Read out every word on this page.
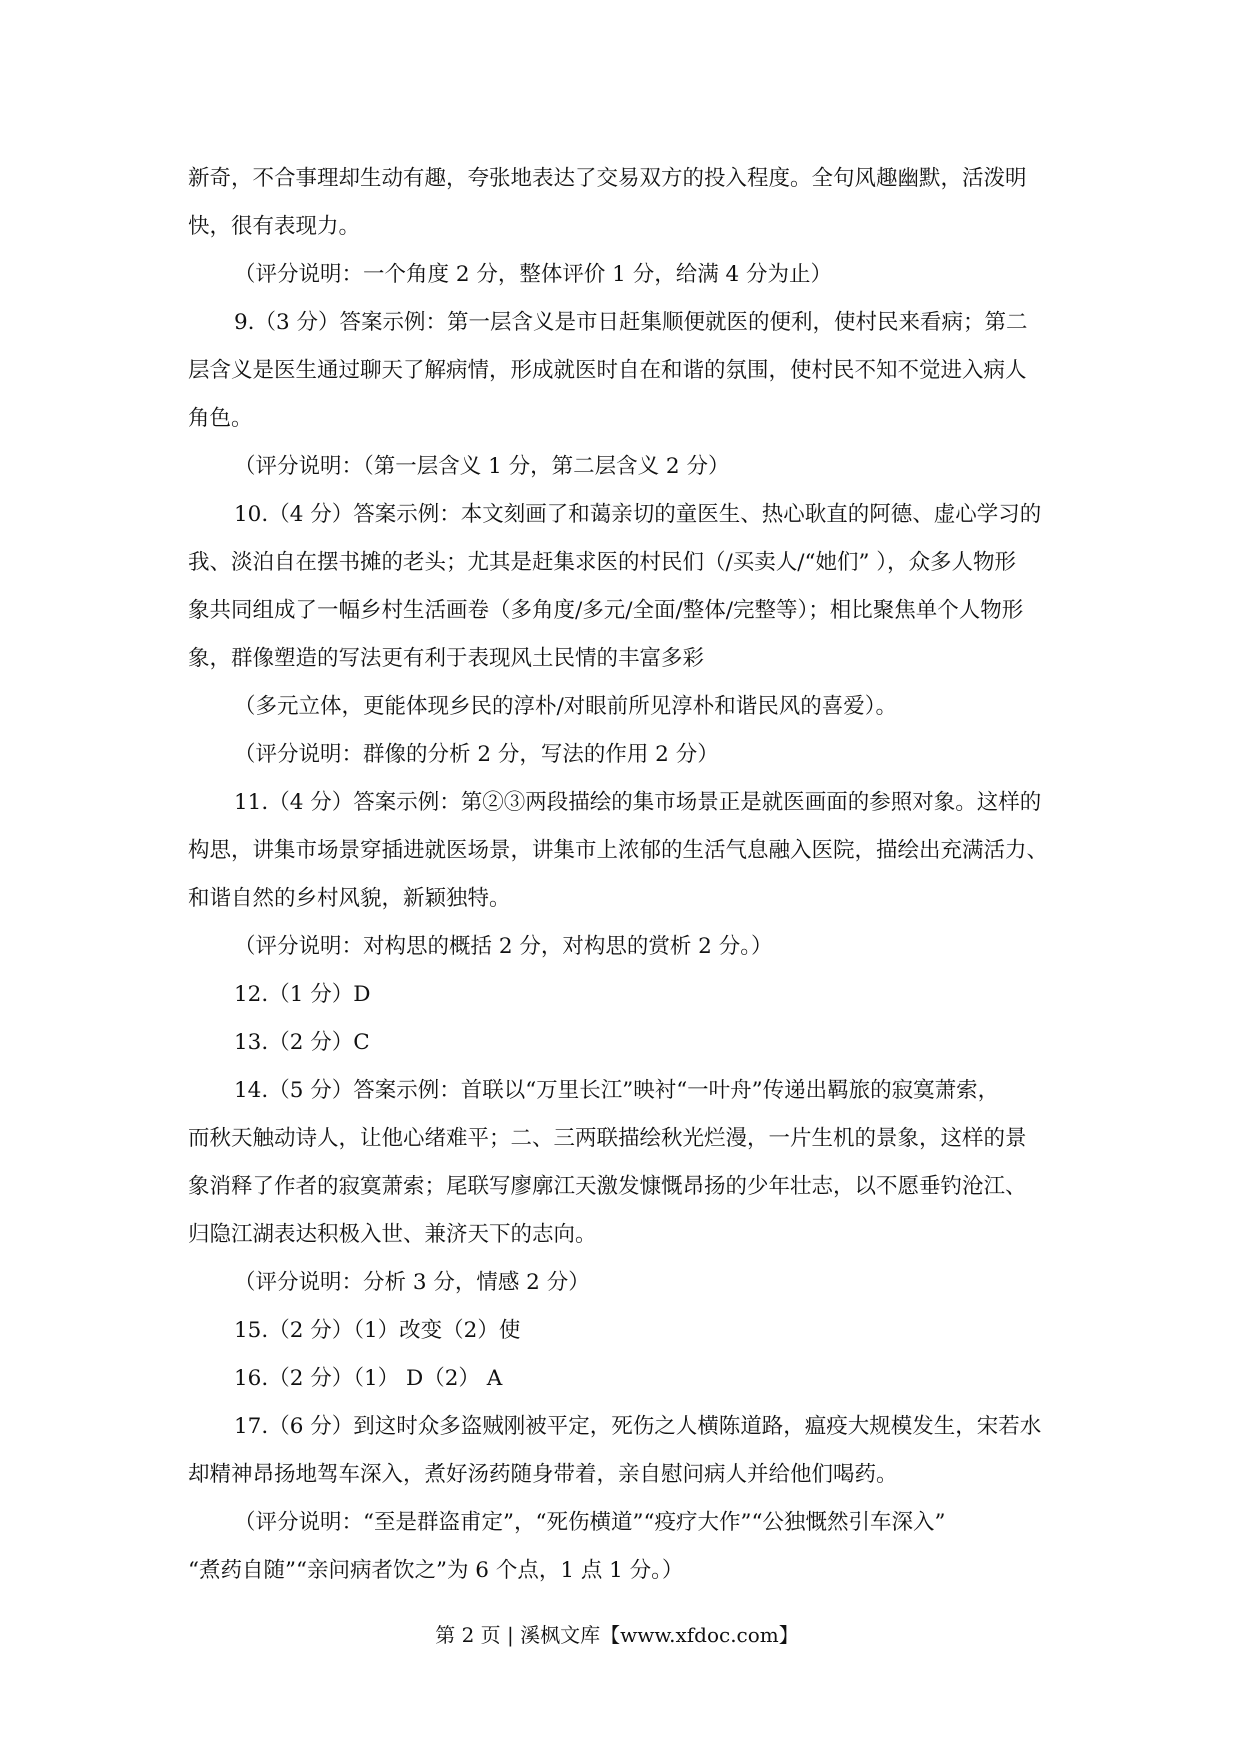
新奇，不合事理却生动有趣，夸张地表达了交易双方的投入程度。全句风趣幽默，活泼明
快，很有表现力。
（评分说明：一个角度 2 分，整体评价 1 分，给满 4 分为止）
9.（3 分）答案示例：第一层含义是市日赶集顺便就医的便利，使村民来看病；第二
层含义是医生通过聊天了解病情，形成就医时自在和谐的氛围，使村民不知不觉进入病人
角色。
（评分说明：（第一层含义 1 分，第二层含义 2 分）
10.（4 分）答案示例：本文刻画了和蔼亲切的童医生、热心耿直的阿德、虚心学习的
我、淡泊自在摆书摊的老头；尤其是赶集求医的村民们（/买卖人/“她们” ），众多人物形
象共同组成了一幅乡村生活画卷（多角度/多元/全面/整体/完整等）；相比聚焦单个人物形
象，群像塑造的写法更有利于表现风土民情的丰富多彩
（多元立体，更能体现乡民的淳朴/对眼前所见淳朴和谐民风的喜爱）。
（评分说明：群像的分析 2 分，写法的作用 2 分）
11.（4 分）答案示例：第②③两段描绘的集市场景正是就医画面的参照对象。这样的
构思，讲集市场景穿插进就医场景，讲集市上浓郁的生活气息融入医院，描绘出充满活力、
和谐自然的乡村风貌，新颖独特。
（评分说明：对构思的概括 2 分，对构思的赏析 2 分。）
12.（1 分）D
13.（2 分）C
14.（5 分）答案示例：首联以“万里长江”映衬“一叶舟”传递出羁旅的寂寞萧索，
而秋天触动诗人，让他心绪难平；二、三两联描绘秋光烂漫，一片生机的景象，这样的景
象消释了作者的寂寞萧索；尾联写廖廓江天激发慷慨昂扬的少年壮志，以不愿垂钓沧江、
归隐江湖表达积极入世、兼济天下的志向。
（评分说明：分析 3 分，情感 2 分）
15.（2 分）（1）改变（2）使
16.（2 分）（1） D（2） A
17.（6 分）到这时众多盗贼刚被平定，死伤之人横陈道路，瘟疫大规模发生，宋若水
却精神昂扬地驾车深入，煮好汤药随身带着，亲自慰问病人并给他们喝药。
（评分说明：“至是群盗甫定”，“死伤横道”“疫疗大作”“公独慨然引车深入”
“煮药自随”“亲问病者饮之”为 6 个点，1 点 1 分。）
第 2 页 | 溪枫文库【www.xfdoc.com】
